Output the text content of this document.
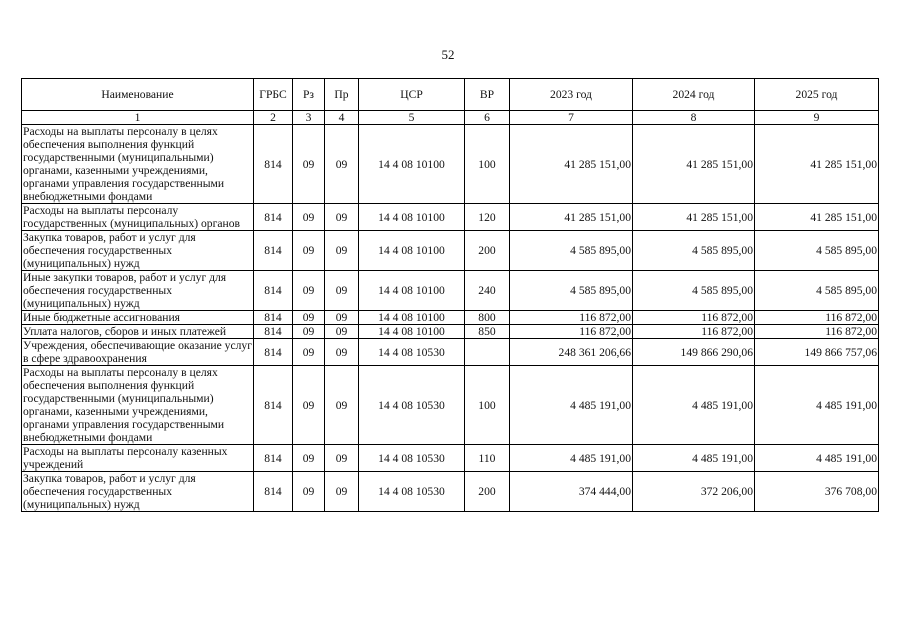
52
Наименование	ГРБС	Рз	Пр	ЦСР	ВР	2023 год	2024 год	2025 год
1	2	3	4	5	6	7	8	9
Расходы на выплаты персоналу в целях обеспечения выполнения функций государственными (муниципальными) органами, казенными учреждениями, органами управления государственными внебюджетными фондами	814	09	09	14 4 08 10100	100	41 285 151,00	41 285 151,00	41 285 151,00
Расходы на выплаты персоналу государственных (муниципальных) органов	814	09	09	14 4 08 10100	120	41 285 151,00	41 285 151,00	41 285 151,00
Закупка товаров, работ и услуг для обеспечения государственных (муниципальных) нужд	814	09	09	14 4 08 10100	200	4 585 895,00	4 585 895,00	4 585 895,00
Иные закупки товаров, работ и услуг для обеспечения государственных (муниципальных) нужд	814	09	09	14 4 08 10100	240	4 585 895,00	4 585 895,00	4 585 895,00
Иные бюджетные ассигнования	814	09	09	14 4 08 10100	800	116 872,00	116 872,00	116 872,00
Уплата налогов, сборов и иных платежей	814	09	09	14 4 08 10100	850	116 872,00	116 872,00	116 872,00
Учреждения, обеспечивающие оказание услуг в сфере здравоохранения	814	09	09	14 4 08 10530		248 361 206,66	149 866 290,06	149 866 757,06
Расходы на выплаты персоналу в целях обеспечения выполнения функций государственными (муниципальными) органами, казенными учреждениями, органами управления государственными внебюджетными фондами	814	09	09	14 4 08 10530	100	4 485 191,00	4 485 191,00	4 485 191,00
Расходы на выплаты персоналу казенных учреждений	814	09	09	14 4 08 10530	110	4 485 191,00	4 485 191,00	4 485 191,00
Закупка товаров, работ и услуг для обеспечения государственных (муниципальных) нужд	814	09	09	14 4 08 10530	200	374 444,00	372 206,00	376 708,00
